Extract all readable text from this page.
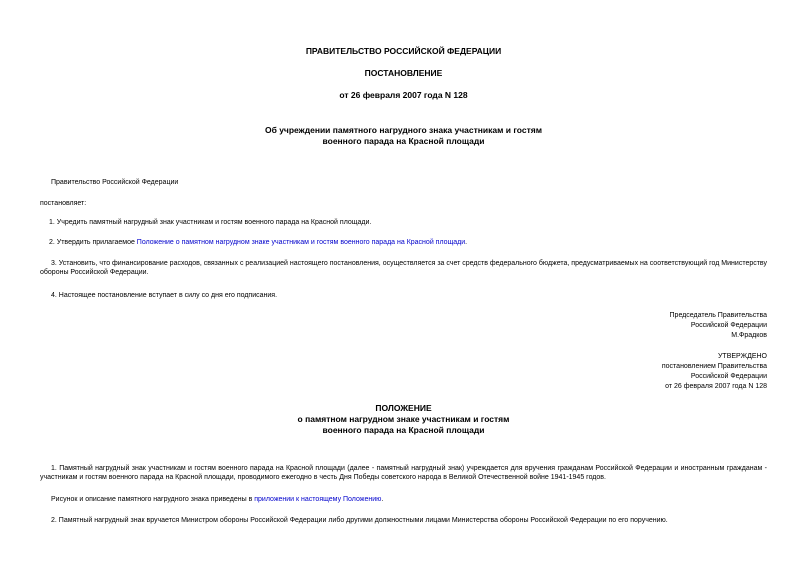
ПРАВИТЕЛЬСТВО РОССИЙСКОЙ ФЕДЕРАЦИИ
ПОСТАНОВЛЕНИЕ
от 26 февраля 2007 года N 128
Об учреждении памятного нагрудного знака участникам и гостям
военного парада на Красной площади
Правительство Российской Федерации
постановляет:
1. Учредить памятный нагрудный знак участникам и гостям военного парада на Красной площади.
2. Утвердить прилагаемое Положение о памятном нагрудном знаке участникам и гостям военного парада на Красной площади.
3. Установить, что финансирование расходов, связанных с реализацией настоящего постановления, осуществляется за счет средств федерального бюджета, предусматриваемых на соответствующий год Министерству обороны Российской Федерации.
4. Настоящее постановление вступает в силу со дня его подписания.
Председатель Правительства
Российской Федерации
М.Фрадков
УТВЕРЖДЕНО
постановлением Правительства
Российской Федерации
от 26 февраля 2007 года N 128
ПОЛОЖЕНИЕ
о памятном нагрудном знаке участникам и гостям
военного парада на Красной площади
1. Памятный нагрудный знак участникам и гостям военного парада на Красной площади (далее - памятный нагрудный знак) учреждается для вручения гражданам Российской Федерации и иностранным гражданам - участникам и гостям военного парада на Красной площади, проводимого ежегодно в честь Дня Победы советского народа в Великой Отечественной войне 1941-1945 годов.
Рисунок и описание памятного нагрудного знака приведены в приложении к настоящему Положению.
2. Памятный нагрудный знак вручается Министром обороны Российской Федерации либо другими должностными лицами Министерства обороны Российской Федерации по его поручению.
